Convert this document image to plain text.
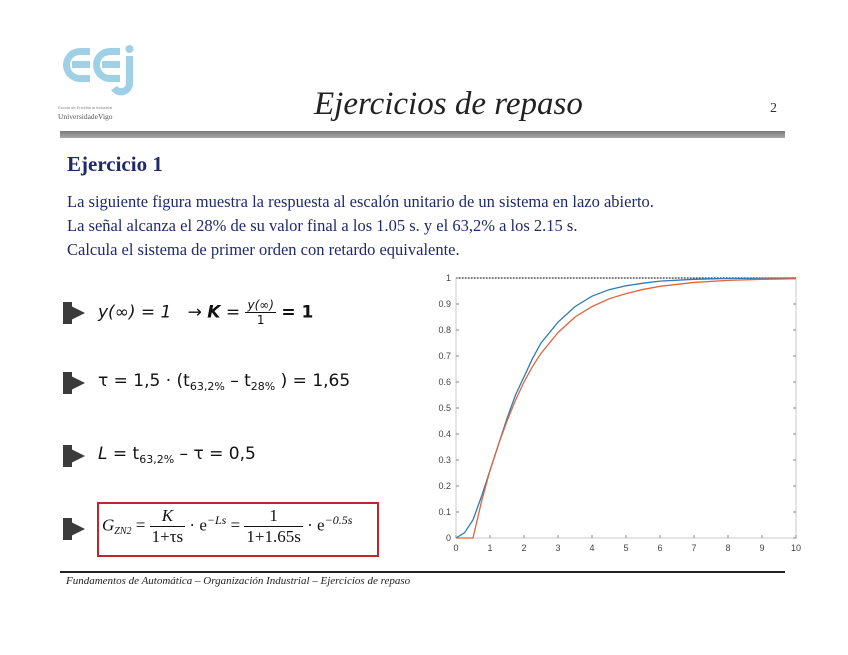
Escola de Enxeñaría Industrial
UniversidadeVigo	Ejercicios de repaso	2
Ejercicio 1
La siguiente figura muestra la respuesta al escalón unitario de un sistema en lazo abierto.
La señal alcanza el 28% de su valor final a los 1.05 s. y el 63,2% a los 2.15 s.
Calcula el sistema de primer orden con retardo equivalente.
$y(\infty) = 1 \to K = \frac{y(\infty)}{1} = 1$
$\tau = 1,5 \cdot (t_{63,2\%} - t_{28\%}$ ) = 1,65
$L = t_{63,2\%} - \tau = 0,5$
$G_{ZN2} = \frac{K}{1+\tau s} \cdot e^{-Ls} = \frac{1}{1+1.65s} \cdot e^{-0.5s}$
0	1	2	3	4	5	6	7	8	9	10
0
0.1
0.2
0.3
0.4
0.5
0.6
0.7
0.8
0.9
1
Fundamentos de Automática – Organización Industrial – Ejercicios de repaso
